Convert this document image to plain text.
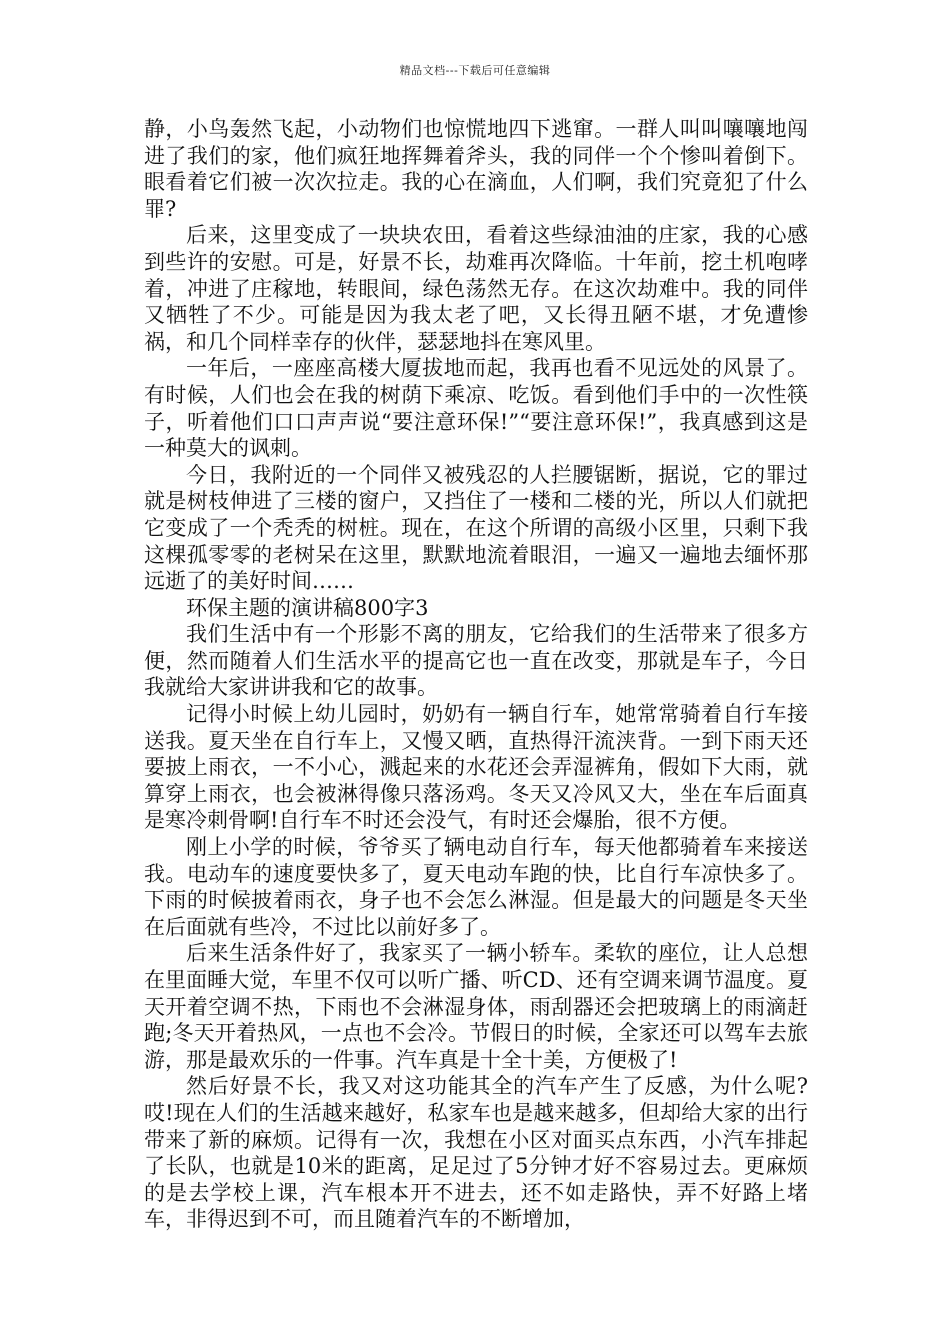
精品文档---下载后可任意编辑

静，小鸟轰然飞起，小动物们也惊慌地四下逃窜。一群人叫叫嚷嚷地闯进了我们的家，他们疯狂地挥舞着斧头，我的同伴一个个惨叫着倒下。眼看着它们被一次次拉走。我的心在滴血，人们啊，我们究竟犯了什么罪?

后来，这里变成了一块块农田，看着这些绿油油的庄家，我的心感到些许的安慰。可是，好景不长，劫难再次降临。十年前，挖土机咆哮着，冲进了庄稼地，转眼间，绿色荡然无存。在这次劫难中。我的同伴又牺牲了不少。可能是因为我太老了吧，又长得丑陋不堪，才免遭惨祸，和几个同样幸存的伙伴，瑟瑟地抖在寒风里。

一年后，一座座高楼大厦拔地而起，我再也看不见远处的风景了。有时候，人们也会在我的树荫下乘凉、吃饭。看到他们手中的一次性筷子，听着他们口口声声说“要注意环保!”“要注意环保!”，我真感到这是一种莫大的讽刺。

今日，我附近的一个同伴又被残忍的人拦腰锯断，据说，它的罪过就是树枝伸进了三楼的窗户，又挡住了一楼和二楼的光，所以人们就把它变成了一个秃秃的树桩。现在，在这个所谓的高级小区里，只剩下我这棵孤零零的老树呆在这里，默默地流着眼泪，一遍又一遍地去缅怀那远逝了的美好时间……

环保主题的演讲稿800字3

我们生活中有一个形影不离的朋友，它给我们的生活带来了很多方便，然而随着人们生活水平的提高它也一直在改变，那就是车子，今日我就给大家讲讲我和它的故事。

记得小时候上幼儿园时，奶奶有一辆自行车，她常常骑着自行车接送我。夏天坐在自行车上，又慢又晒，直热得汗流浃背。一到下雨天还要披上雨衣，一不小心，溅起来的水花还会弄湿裤角，假如下大雨，就算穿上雨衣，也会被淋得像只落汤鸡。冬天又冷风又大，坐在车后面真是寒冷刺骨啊!自行车不时还会没气，有时还会爆胎，很不方便。

刚上小学的时候，爷爷买了辆电动自行车，每天他都骑着车来接送我。电动车的速度要快多了，夏天电动车跑的快，比自行车凉快多了。下雨的时候披着雨衣，身子也不会怎么淋湿。但是最大的问题是冬天坐在后面就有些冷，不过比以前好多了。

后来生活条件好了，我家买了一辆小轿车。柔软的座位，让人总想在里面睡大觉，车里不仅可以听广播、听CD、还有空调来调节温度。夏天开着空调不热，下雨也不会淋湿身体，雨刮器还会把玻璃上的雨滴赶跑;冬天开着热风，一点也不会冷。节假日的时候，全家还可以驾车去旅游，那是最欢乐的一件事。汽车真是十全十美，方便极了!

然后好景不长，我又对这功能其全的汽车产生了反感，为什么呢?哎!现在人们的生活越来越好，私家车也是越来越多，但却给大家的出行带来了新的麻烦。记得有一次，我想在小区对面买点东西，小汽车排起了长队，也就是10米的距离，足足过了5分钟才好不容易过去。更麻烦的是去学校上课，汽车根本开不进去，还不如走路快，弄不好路上堵车，非得迟到不可，而且随着汽车的不断增加，
